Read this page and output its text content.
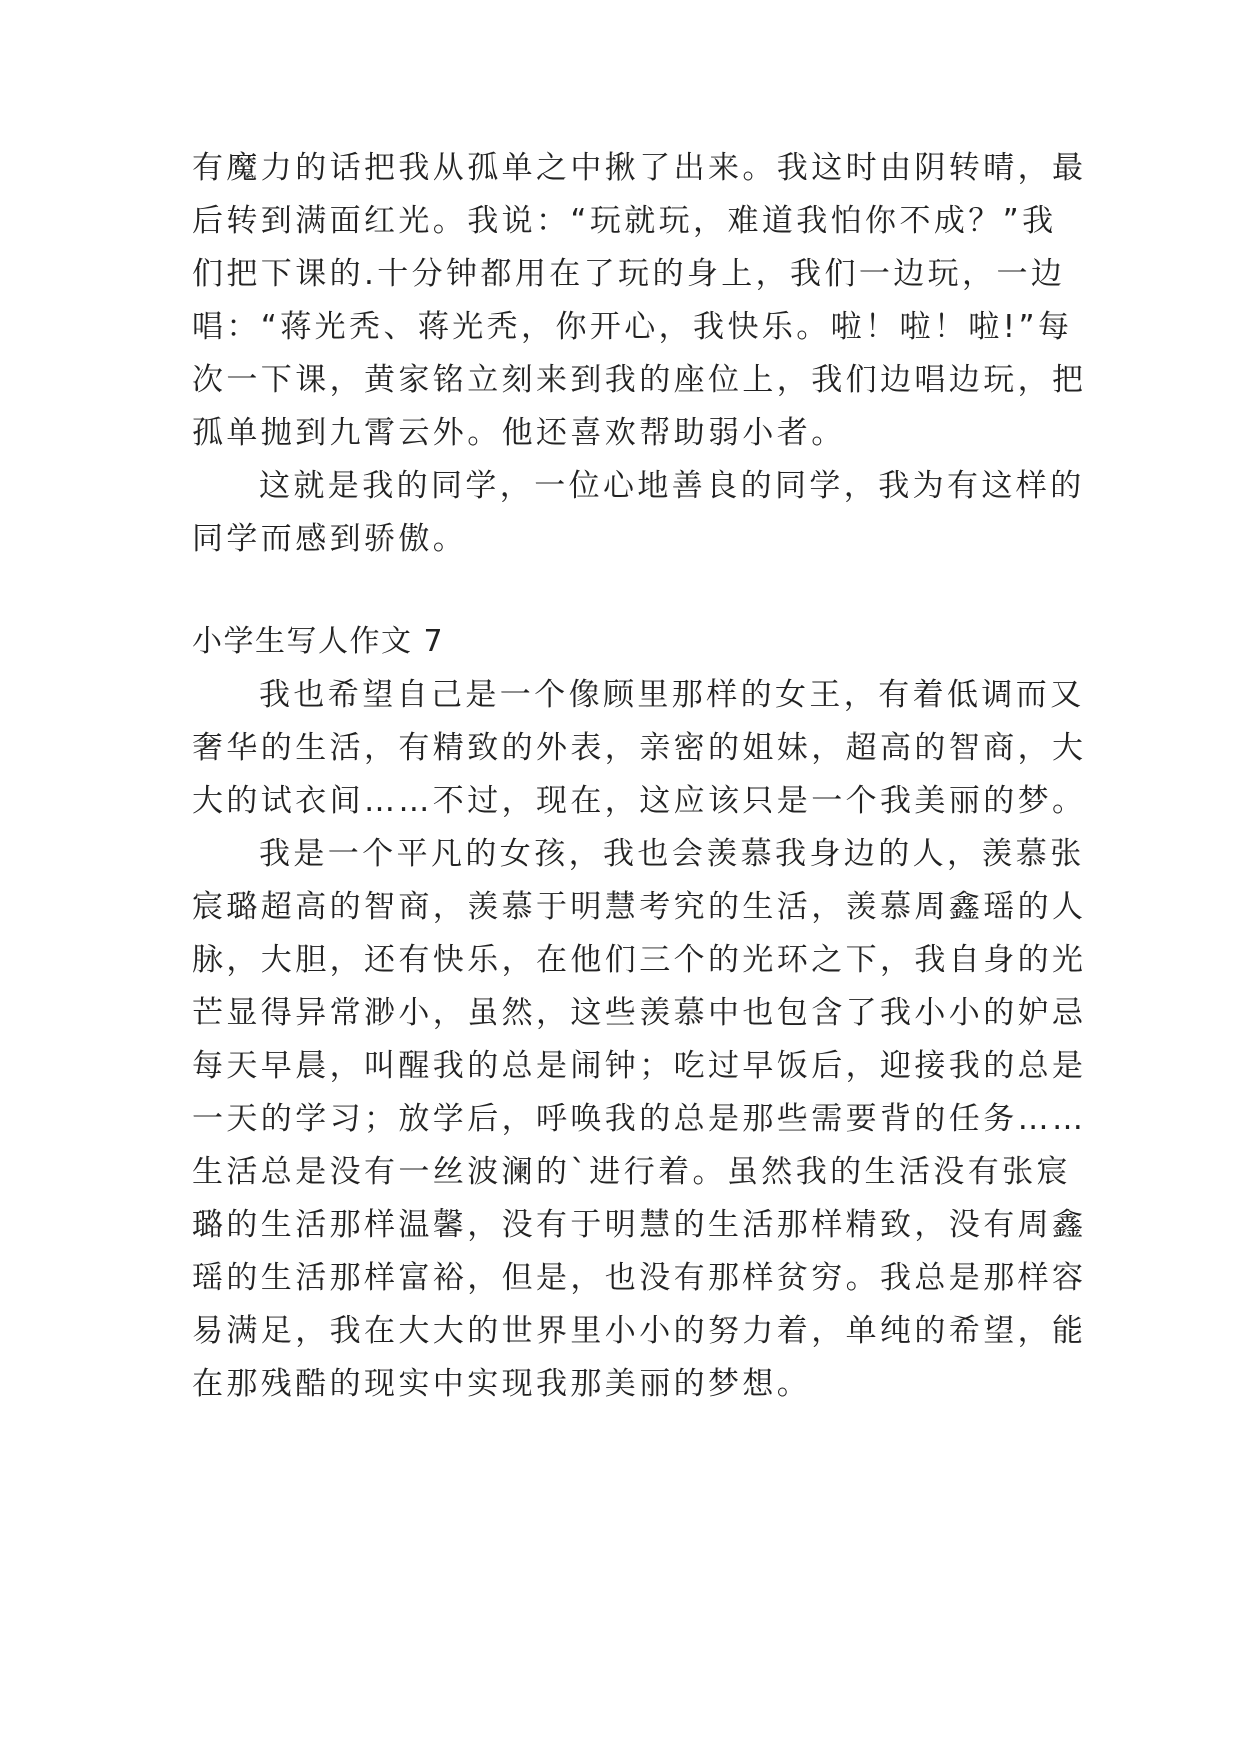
有魔力的话把我从孤单之中揪了出来。我这时由阴转晴，最
后转到满面红光。我说：“玩就玩，难道我怕你不成？”我
们把下课的.十分钟都用在了玩的身上，我们一边玩，一边
唱：“蒋光秃、蒋光秃，你开心，我快乐。啦！啦！啦!”每
次一下课，黄家铭立刻来到我的座位上，我们边唱边玩，把
孤单抛到九霄云外。他还喜欢帮助弱小者。
这就是我的同学，一位心地善良的同学，我为有这样的
同学而感到骄傲。
小学生写人作文 7
我也希望自己是一个像顾里那样的女王，有着低调而又
奢华的生活，有精致的外表，亲密的姐妹，超高的智商，大
大的试衣间……不过，现在，这应该只是一个我美丽的梦。
我是一个平凡的女孩，我也会羡慕我身边的人，羡慕张
宸璐超高的智商，羡慕于明慧考究的生活，羡慕周鑫瑶的人
脉，大胆，还有快乐，在他们三个的光环之下，我自身的光
芒显得异常渺小，虽然，这些羡慕中也包含了我小小的妒忌
每天早晨，叫醒我的总是闹钟；吃过早饭后，迎接我的总是
一天的学习；放学后，呼唤我的总是那些需要背的任务……
生活总是没有一丝波澜的`进行着。虽然我的生活没有张宸
璐的生活那样温馨，没有于明慧的生活那样精致，没有周鑫
瑶的生活那样富裕，但是，也没有那样贫穷。我总是那样容
易满足，我在大大的世界里小小的努力着，单纯的希望，能
在那残酷的现实中实现我那美丽的梦想。
